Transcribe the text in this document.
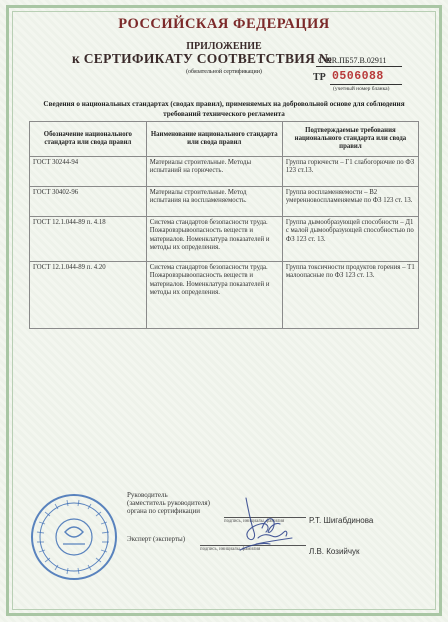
РОССИЙСКАЯ ФЕДЕРАЦИЯ
ПРИЛОЖЕНИЕ
к СЕРТИФИКАТУ СООТВЕТСТВИЯ №
C-KR.ПБ57.B.02911
(обязательной сертификации)	ТР 0506088
(учетный номер бланка)
Сведения о национальных стандартах (сводах правил), применяемых на добровольной основе для соблюдения требований технического регламента
Обозначение национального стандарта или свода правил	Наименование национального стандарта или свода правил	Подтверждаемые требования национального стандарта или свода правил
ГОСТ 30244-94	Материалы строительные. Методы испытаний на горючесть.	Группа горючести – Г1 слабогорючие по ФЗ 123 ст.13.
ГОСТ 30402-96	Материалы строительные. Метод испытания на воспламеняемость.	Группа воспламеняемости – В2 умеренновоспламеняемые по ФЗ 123 ст. 13.
ГОСТ 12.1.044-89 п. 4.18	Система стандартов безопасности труда. Пожаровзрывоопасность веществ и материалов. Номенклатура показателей и методы их определения.	Группа дымообразующей способности – Д1 с малой дымообразующей способностью по ФЗ 123 ст. 13.
ГОСТ 12.1.044-89 п. 4.20	Система стандартов безопасности труда. Пожаровзрывоопасность веществ и материалов. Номенклатура показателей и методы их определения.	Группа токсичности продуктов горения – Т1 малоопасные по ФЗ 123 ст. 13.
Руководитель
(заместитель руководителя)
органа по сертификации
подпись, инициалы, фамилия	Р.Т. Шигабдинова
Эксперт (эксперты)
подпись, инициалы, фамилия	Л.В. Козийчук
